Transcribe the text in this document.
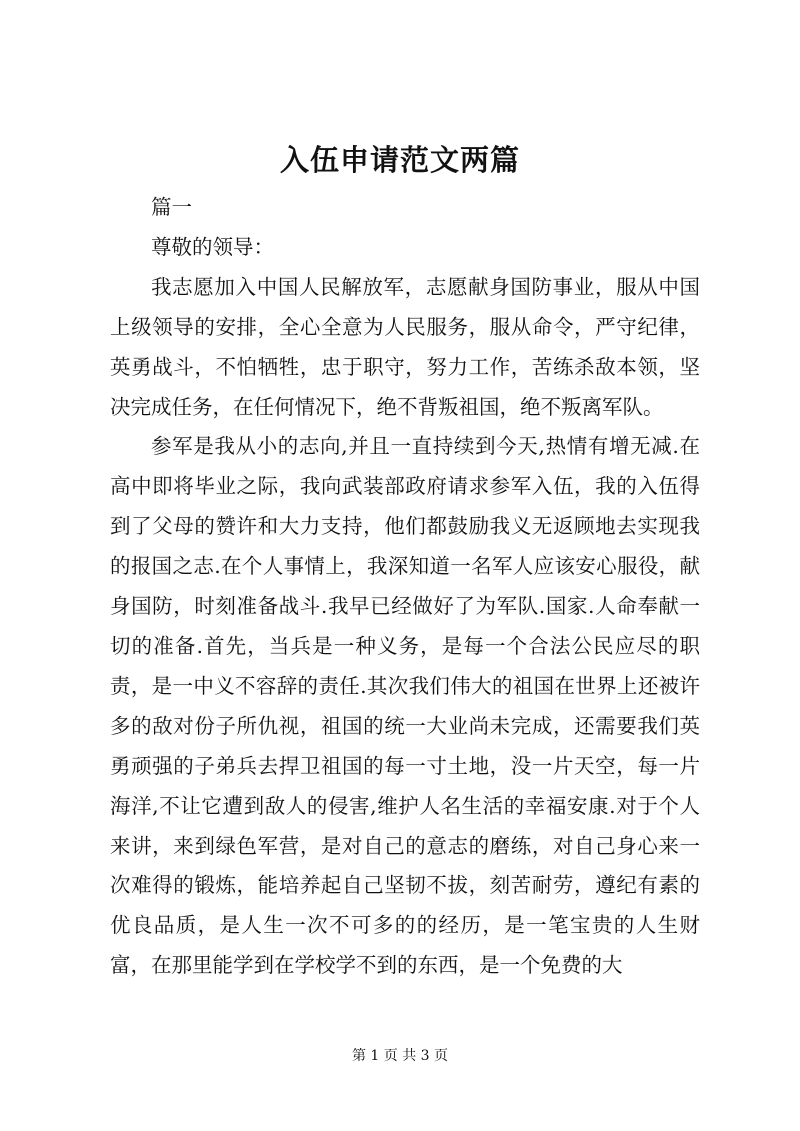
入伍申请范文两篇

篇一

尊敬的领导：

我志愿加入中国人民解放军，志愿献身国防事业，服从中国上级领导的安排，全心全意为人民服务，服从命令，严守纪律，英勇战斗，不怕牺牲，忠于职守，努力工作，苦练杀敌本领，坚决完成任务，在任何情况下，绝不背叛祖国，绝不叛离军队。

参军是我从小的志向,并且一直持续到今天,热情有增无减.在高中即将毕业之际，我向武装部政府请求参军入伍，我的入伍得到了父母的赞许和大力支持，他们都鼓励我义无返顾地去实现我的报国之志.在个人事情上，我深知道一名军人应该安心服役，献身国防，时刻准备战斗.我早已经做好了为军队.国家.人命奉献一切的准备.首先，当兵是一种义务，是每一个合法公民应尽的职责，是一中义不容辞的责任.其次我们伟大的祖国在世界上还被许多的敌对份子所仇视，祖国的统一大业尚未完成，还需要我们英勇顽强的子弟兵去捍卫祖国的每一寸土地，没一片天空，每一片海洋,不让它遭到敌人的侵害,维护人名生活的幸福安康.对于个人来讲，来到绿色军营，是对自己的意志的磨练，对自己身心来一次难得的锻炼，能培养起自己坚韧不拔，刻苦耐劳，遵纪有素的优良品质，是人生一次不可多的的经历，是一笔宝贵的人生财富，在那里能学到在学校学不到的东西，是一个免费的大

第 1 页 共 3 页
